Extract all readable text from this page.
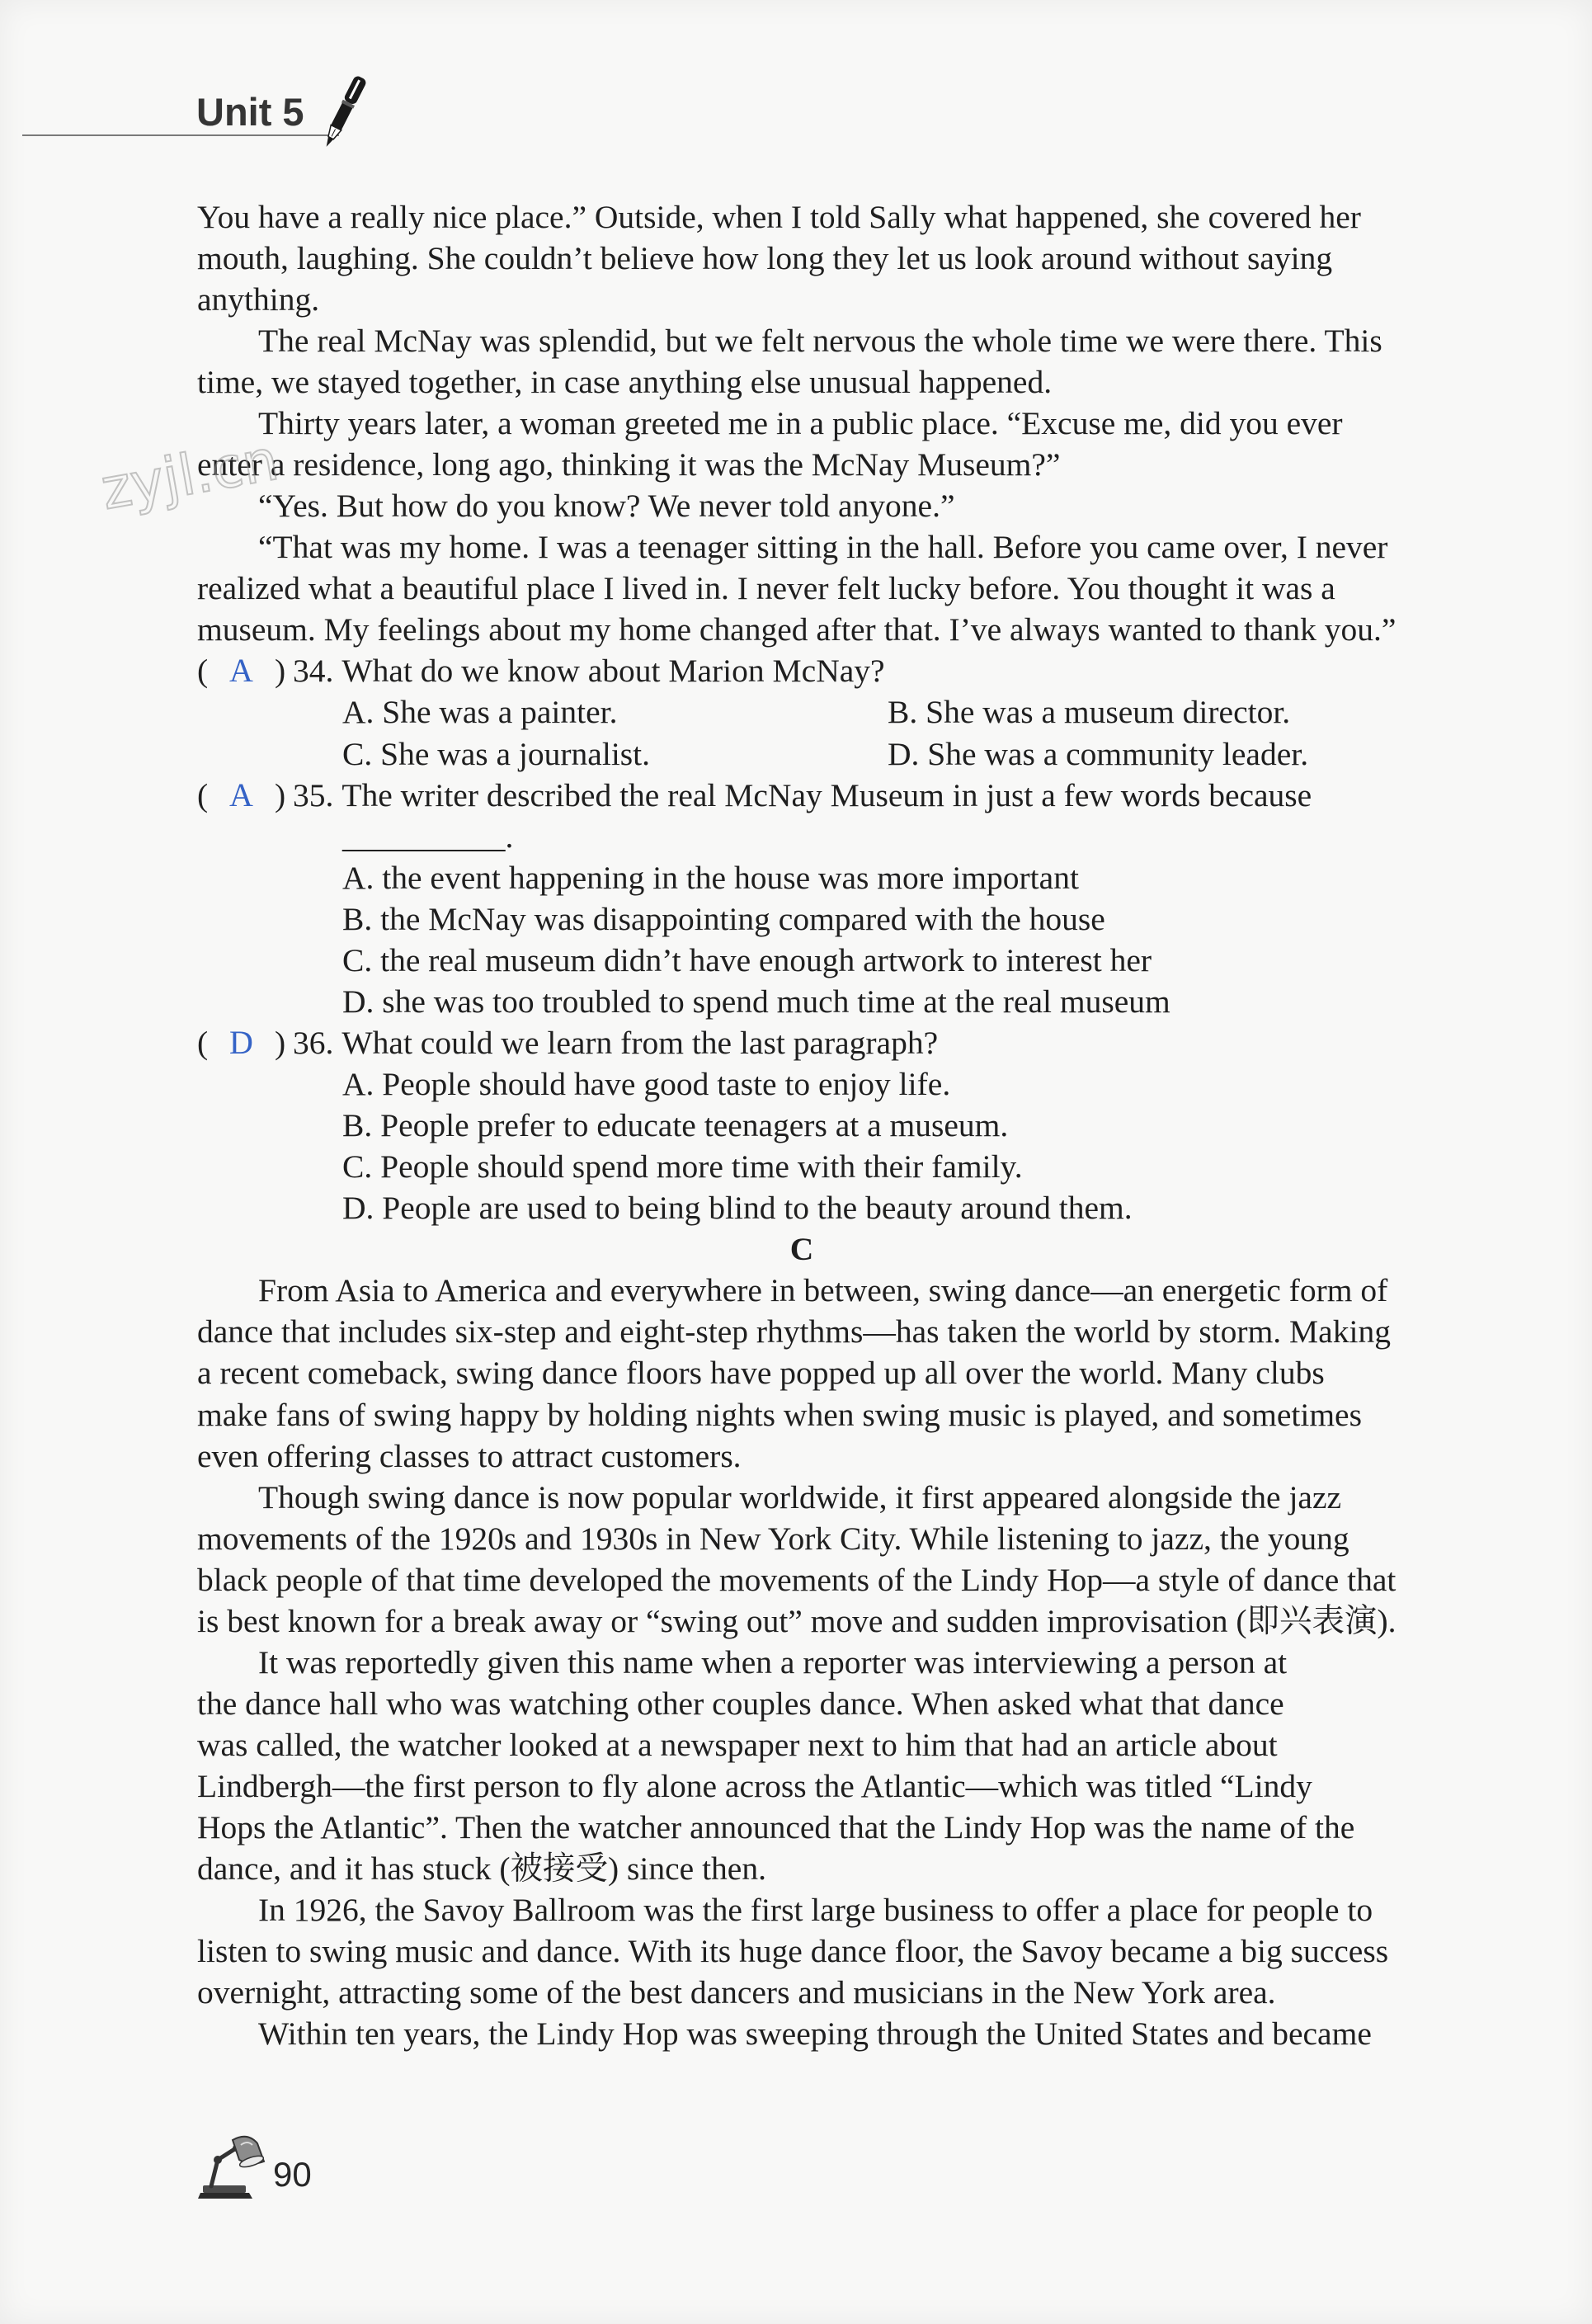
Unit 5
You have a really nice place.” Outside, when I told Sally what happened, she covered her
mouth, laughing. She couldn’t believe how long they let us look around without saying
anything.
The real McNay was splendid, but we felt nervous the whole time we were there. This
time, we stayed together, in case anything else unusual happened.
Thirty years later, a woman greeted me in a public place. “Excuse me, did you ever
enter a residence, long ago, thinking it was the McNay Museum?”
“Yes. But how do you know? We never told anyone.”
“That was my home. I was a teenager sitting in the hall. Before you came over, I never
realized what a beautiful place I lived in. I never felt lucky before. You thought it was a
museum. My feelings about my home changed after that. I’ve always wanted to thank you.”
( A ) 34. What do we know about Marion McNay?
A. She was a painter.	B. She was a museum director.
C. She was a journalist.	D. She was a community leader.
( A ) 35. The writer described the real McNay Museum in just a few words because
__________.
A. the event happening in the house was more important
B. the McNay was disappointing compared with the house
C. the real museum didn’t have enough artwork to interest her
D. she was too troubled to spend much time at the real museum
( D ) 36. What could we learn from the last paragraph?
A. People should have good taste to enjoy life.
B. People prefer to educate teenagers at a museum.
C. People should spend more time with their family.
D. People are used to being blind to the beauty around them.
C
From Asia to America and everywhere in between, swing dance—an energetic form of
dance that includes six-step and eight-step rhythms—has taken the world by storm. Making
a recent comeback, swing dance floors have popped up all over the world. Many clubs
make fans of swing happy by holding nights when swing music is played, and sometimes
even offering classes to attract customers.
Though swing dance is now popular worldwide, it first appeared alongside the jazz
movements of the 1920s and 1930s in New York City. While listening to jazz, the young
black people of that time developed the movements of the Lindy Hop—a style of dance that
is best known for a break away or “swing out” move and sudden improvisation (即兴表演).
It was reportedly given this name when a reporter was interviewing a person at
the dance hall who was watching other couples dance. When asked what that dance
was called, the watcher looked at a newspaper next to him that had an article about
Lindbergh—the first person to fly alone across the Atlantic—which was titled “Lindy
Hops the Atlantic”. Then the watcher announced that the Lindy Hop was the name of the
dance, and it has stuck (被接受) since then.
In 1926, the Savoy Ballroom was the first large business to offer a place for people to
listen to swing music and dance. With its huge dance floor, the Savoy became a big success
overnight, attracting some of the best dancers and musicians in the New York area.
Within ten years, the Lindy Hop was sweeping through the United States and became
zyjl.cn
90
